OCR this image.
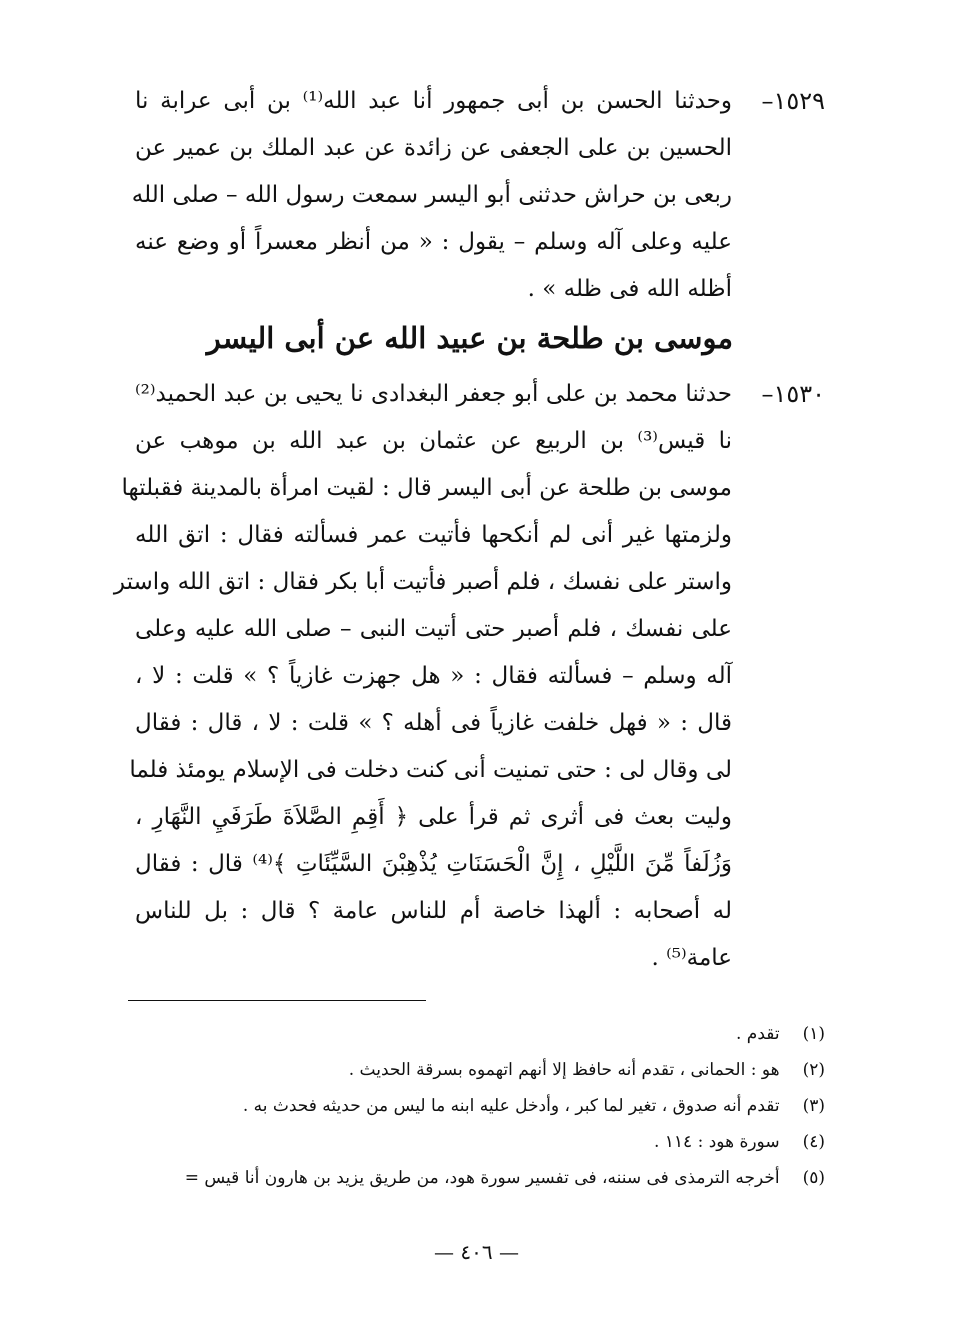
١٥٢٩–
وحدثنا الحسن بن أبى جمهور أنا عبد الله⁽¹⁾ بن أبى عرابة نا
الحسين بن على الجعفى عن زائدة عن عبد الملك بن عمير عن
ربعى بن حراش حدثنى أبو اليسر سمعت رسول الله – صلى الله
عليه وعلى آله وسلم – يقول : « من أنظر معسراً أو وضع عنه
أظله الله فى ظله » .
موسى بن طلحة بن عبيد الله عن أبى اليسر
١٥٣٠–
حدثنا محمد بن على أبو جعفر البغدادى نا يحيى بن عبد الحميد⁽²⁾
نا قيس⁽³⁾ بن الربيع عن عثمان بن عبد الله بن موهب عن
موسى بن طلحة عن أبى اليسر قال : لقيت امرأة بالمدينة فقبلتها
ولزمتها غير أنى لم أنكحها فأتيت عمر فسألته فقال : اتق الله
واستر على نفسك ، فلم أصبر فأتيت أبا بكر فقال : اتق الله واستر
على نفسك ، فلم أصبر حتى أتيت النبى – صلى الله عليه وعلى
آله وسلم – فسألته فقال : « هل جهزت غازياً ؟ » قلت : لا ،
قال : « فهل خلفت غازياً فى أهله ؟ » قلت : لا ، قال : فقال
لى وقال لى : حتى تمنيت أنى كنت دخلت فى الإسلام يومئذ فلما
وليت بعث فى أثرى ثم قرأ على ﴿ أَقِمِ الصَّلاَةَ طَرَفَيِ النَّهَارِ ،
وَزُلَفاً مِّنَ اللَّيْلِ ، إِنَّ الْحَسَنَاتِ يُذْهِبْنَ السَّيِّئَاتِ ﴾⁽⁴⁾ قال : فقال
له أصحابه : ألهذا خاصة أم للناس عامة ؟ قال : بل للناس
عامة⁽⁵⁾ .
(١) تقدم .
(٢) هو : الحمانى ، تقدم أنه حافظ إلا أنهم اتهموه بسرقة الحديث .
(٣) تقدم أنه صدوق ، تغير لما كبر ، وأدخل عليه ابنه ما ليس من حديثه فحدث به .
(٤) سورة هود : ١١٤ .
(٥) أخرجه الترمذى فى سننه، فى تفسير سورة هود، من طريق يزيد بن هارون أنا قيس =
— ٤٠٦ —
